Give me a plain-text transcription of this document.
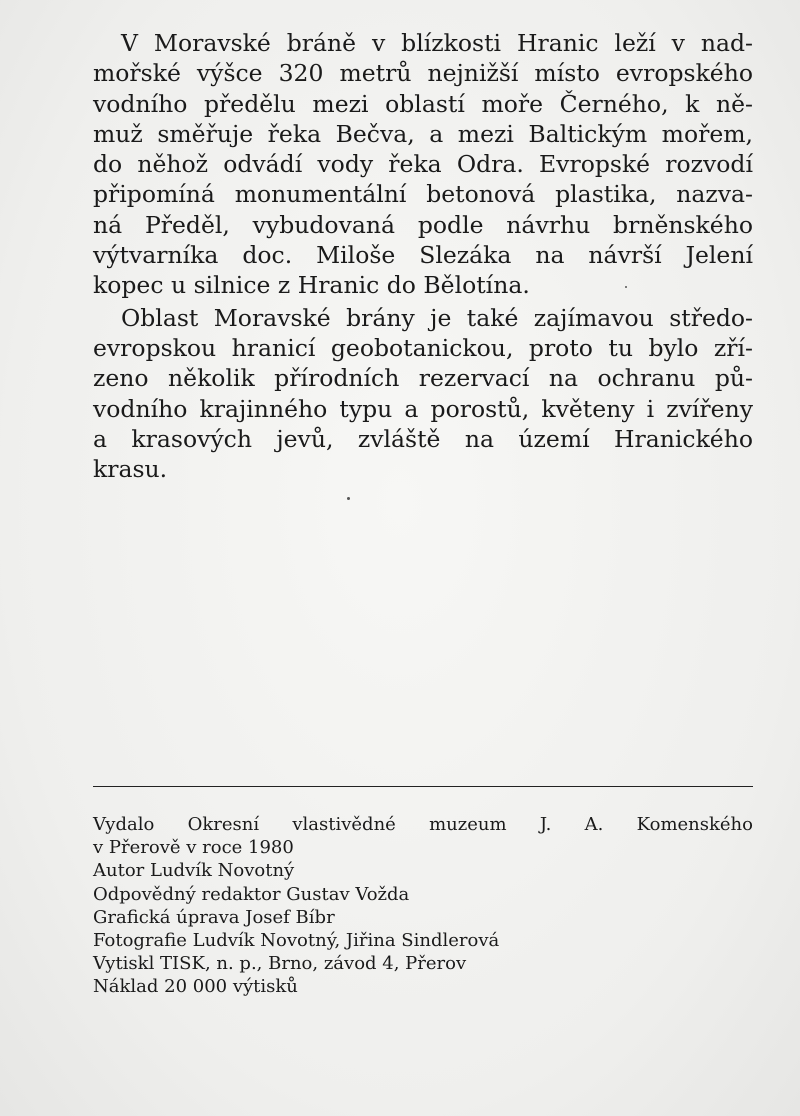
V Moravské bráně v blízkosti Hranic leží v nad-
mořské výšce 320 metrů nejnižší místo evropského
vodního předělu mezi oblastí moře Černého, k ně-
muž směřuje řeka Bečva, a mezi Baltickým mořem,
do něhož odvádí vody řeka Odra. Evropské rozvodí
připomíná monumentální betonová plastika, nazva-
ná Předěl, vybudovaná podle návrhu brněnského
výtvarníka doc. Miloše Slezáka na návrší Jelení
kopec u silnice z Hranic do Bělotína.
Oblast Moravské brány je také zajímavou středo-
evropskou hranicí geobotanickou, proto tu bylo zří-
zeno několik přírodních rezervací na ochranu pů-
vodního krajinného typu a porostů, květeny i zvířeny
a krasových jevů, zvláště na území Hranického
krasu.
Vydalo Okresní vlastivědné muzeum J. A. Komenského
v Přerově v roce 1980
Autor Ludvík Novotný
Odpovědný redaktor Gustav Vožda
Grafická úprava Josef Bíbr
Fotografie Ludvík Novotný, Jiřina Sindlerová
Vytiskl TISK, n. p., Brno, závod 4, Přerov
Náklad 20 000 výtisků
